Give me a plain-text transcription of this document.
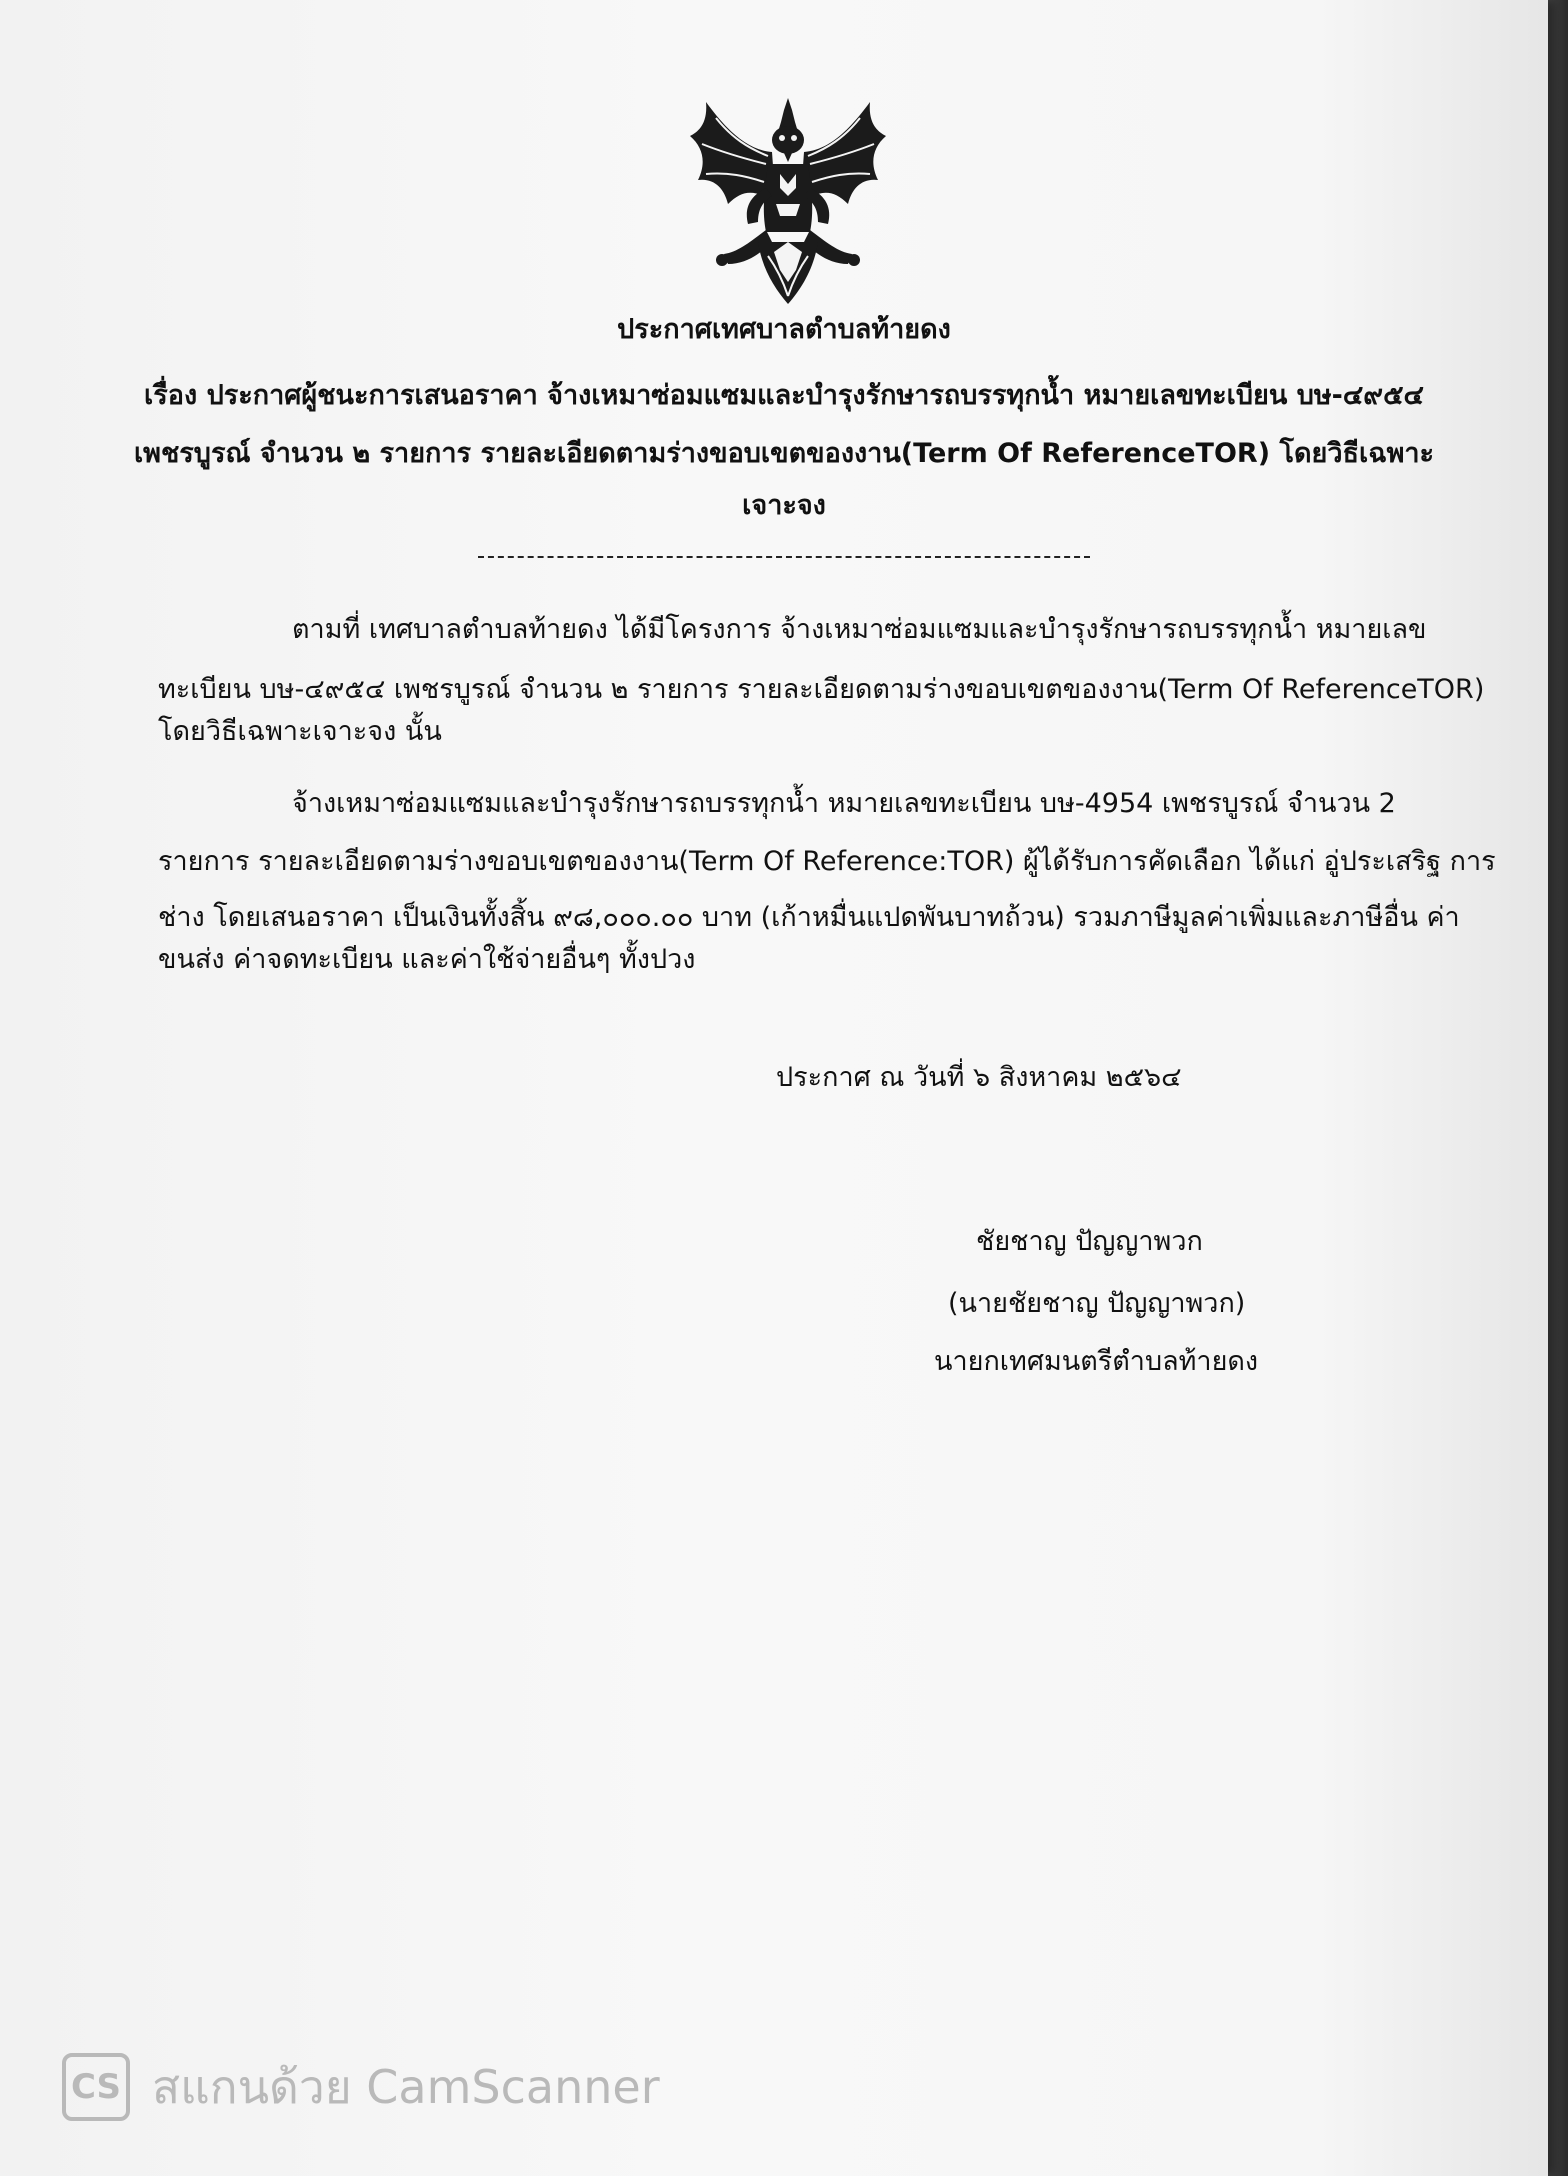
ประกาศเทศบาลตำบลท้ายดง
เรื่อง ประกาศผู้ชนะการเสนอราคา จ้างเหมาซ่อมแซมและบำรุงรักษารถบรรทุกน้ำ หมายเลขทะเบียน บษ-๔๙๕๔
เพชรบูรณ์ จำนวน ๒ รายการ รายละเอียดตามร่างขอบเขตของงาน(Term Of ReferenceTOR) โดยวิธีเฉพาะ
เจาะจง
ตามที่ เทศบาลตำบลท้ายดง ได้มีโครงการ จ้างเหมาซ่อมแซมและบำรุงรักษารถบรรทุกน้ำ หมายเลข
ทะเบียน บษ-๔๙๕๔ เพชรบูรณ์ จำนวน ๒ รายการ รายละเอียดตามร่างขอบเขตของงาน(Term Of ReferenceTOR)
โดยวิธีเฉพาะเจาะจง นั้น
จ้างเหมาซ่อมแซมและบำรุงรักษารถบรรทุกน้ำ หมายเลขทะเบียน บษ-4954 เพชรบูรณ์ จำนวน 2
รายการ รายละเอียดตามร่างขอบเขตของงาน(Term Of Reference:TOR) ผู้ได้รับการคัดเลือก ได้แก่ อู่ประเสริฐ การ
ช่าง โดยเสนอราคา เป็นเงินทั้งสิ้น ๙๘,๐๐๐.๐๐ บาท (เก้าหมื่นแปดพันบาทถ้วน) รวมภาษีมูลค่าเพิ่มและภาษีอื่น ค่า
ขนส่ง ค่าจดทะเบียน และค่าใช้จ่ายอื่นๆ ทั้งปวง
ประกาศ ณ วันที่ ๖ สิงหาคม ๒๕๖๔
ชัยชาญ ปัญญาพวก
(นายชัยชาญ ปัญญาพวก)
นายกเทศมนตรีตำบลท้ายดง
CS สแกนด้วย CamScanner
